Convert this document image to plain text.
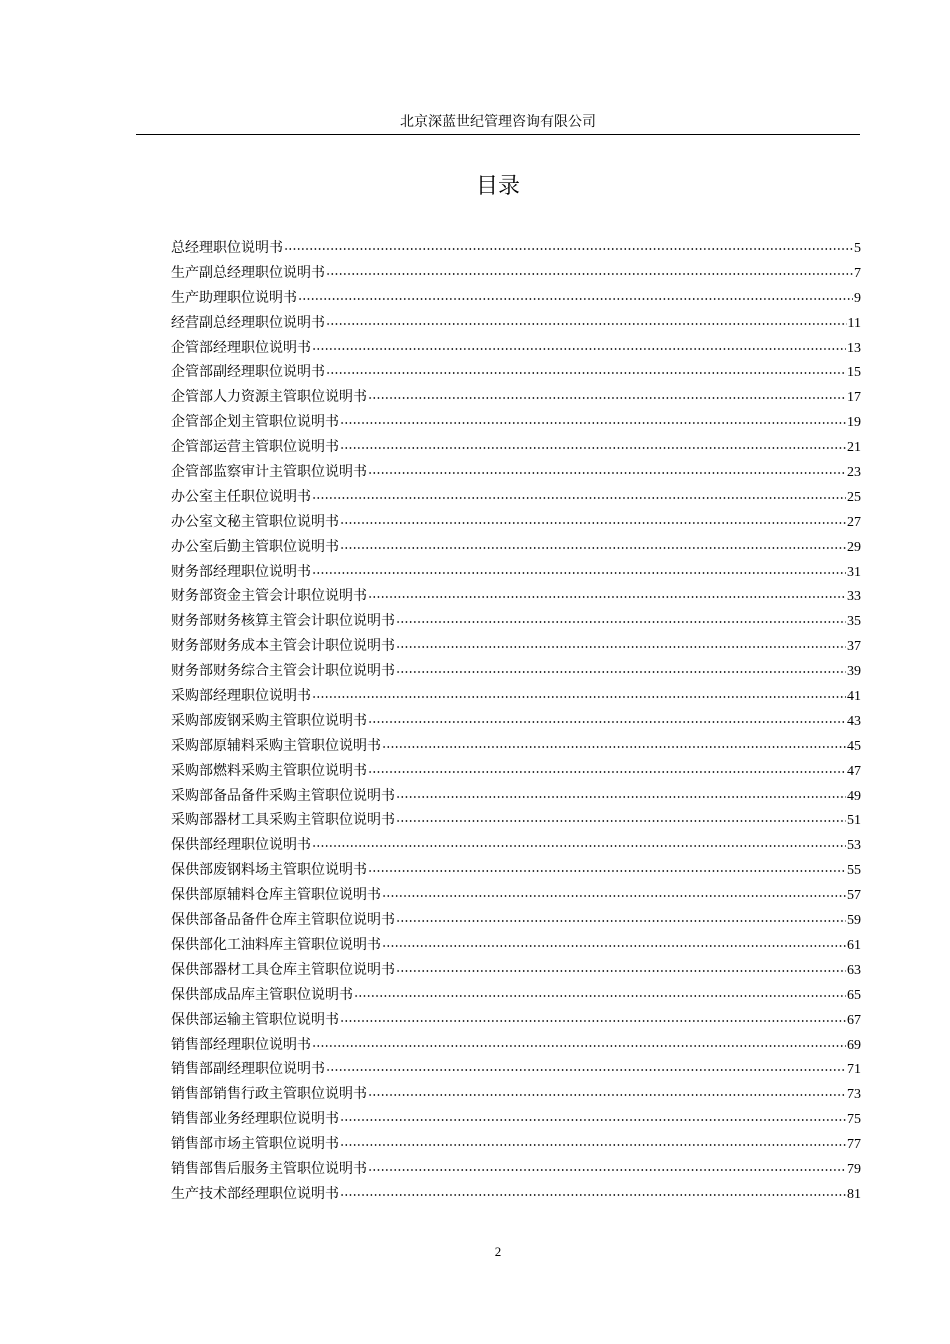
北京深蓝世纪管理咨询有限公司
目录
总经理职位说明书	5
生产副总经理职位说明书	7
生产助理职位说明书	9
经营副总经理职位说明书	11
企管部经理职位说明书	13
企管部副经理职位说明书	15
企管部人力资源主管职位说明书	17
企管部企划主管职位说明书	19
企管部运营主管职位说明书	21
企管部监察审计主管职位说明书	23
办公室主任职位说明书	25
办公室文秘主管职位说明书	27
办公室后勤主管职位说明书	29
财务部经理职位说明书	31
财务部资金主管会计职位说明书	33
财务部财务核算主管会计职位说明书	35
财务部财务成本主管会计职位说明书	37
财务部财务综合主管会计职位说明书	39
采购部经理职位说明书	41
采购部废钢采购主管职位说明书	43
采购部原辅料采购主管职位说明书	45
采购部燃料采购主管职位说明书	47
采购部备品备件采购主管职位说明书	49
采购部器材工具采购主管职位说明书	51
保供部经理职位说明书	53
保供部废钢料场主管职位说明书	55
保供部原辅料仓库主管职位说明书	57
保供部备品备件仓库主管职位说明书	59
保供部化工油料库主管职位说明书	61
保供部器材工具仓库主管职位说明书	63
保供部成品库主管职位说明书	65
保供部运输主管职位说明书	67
销售部经理职位说明书	69
销售部副经理职位说明书	71
销售部销售行政主管职位说明书	73
销售部业务经理职位说明书	75
销售部市场主管职位说明书	77
销售部售后服务主管职位说明书	79
生产技术部经理职位说明书	81
2
